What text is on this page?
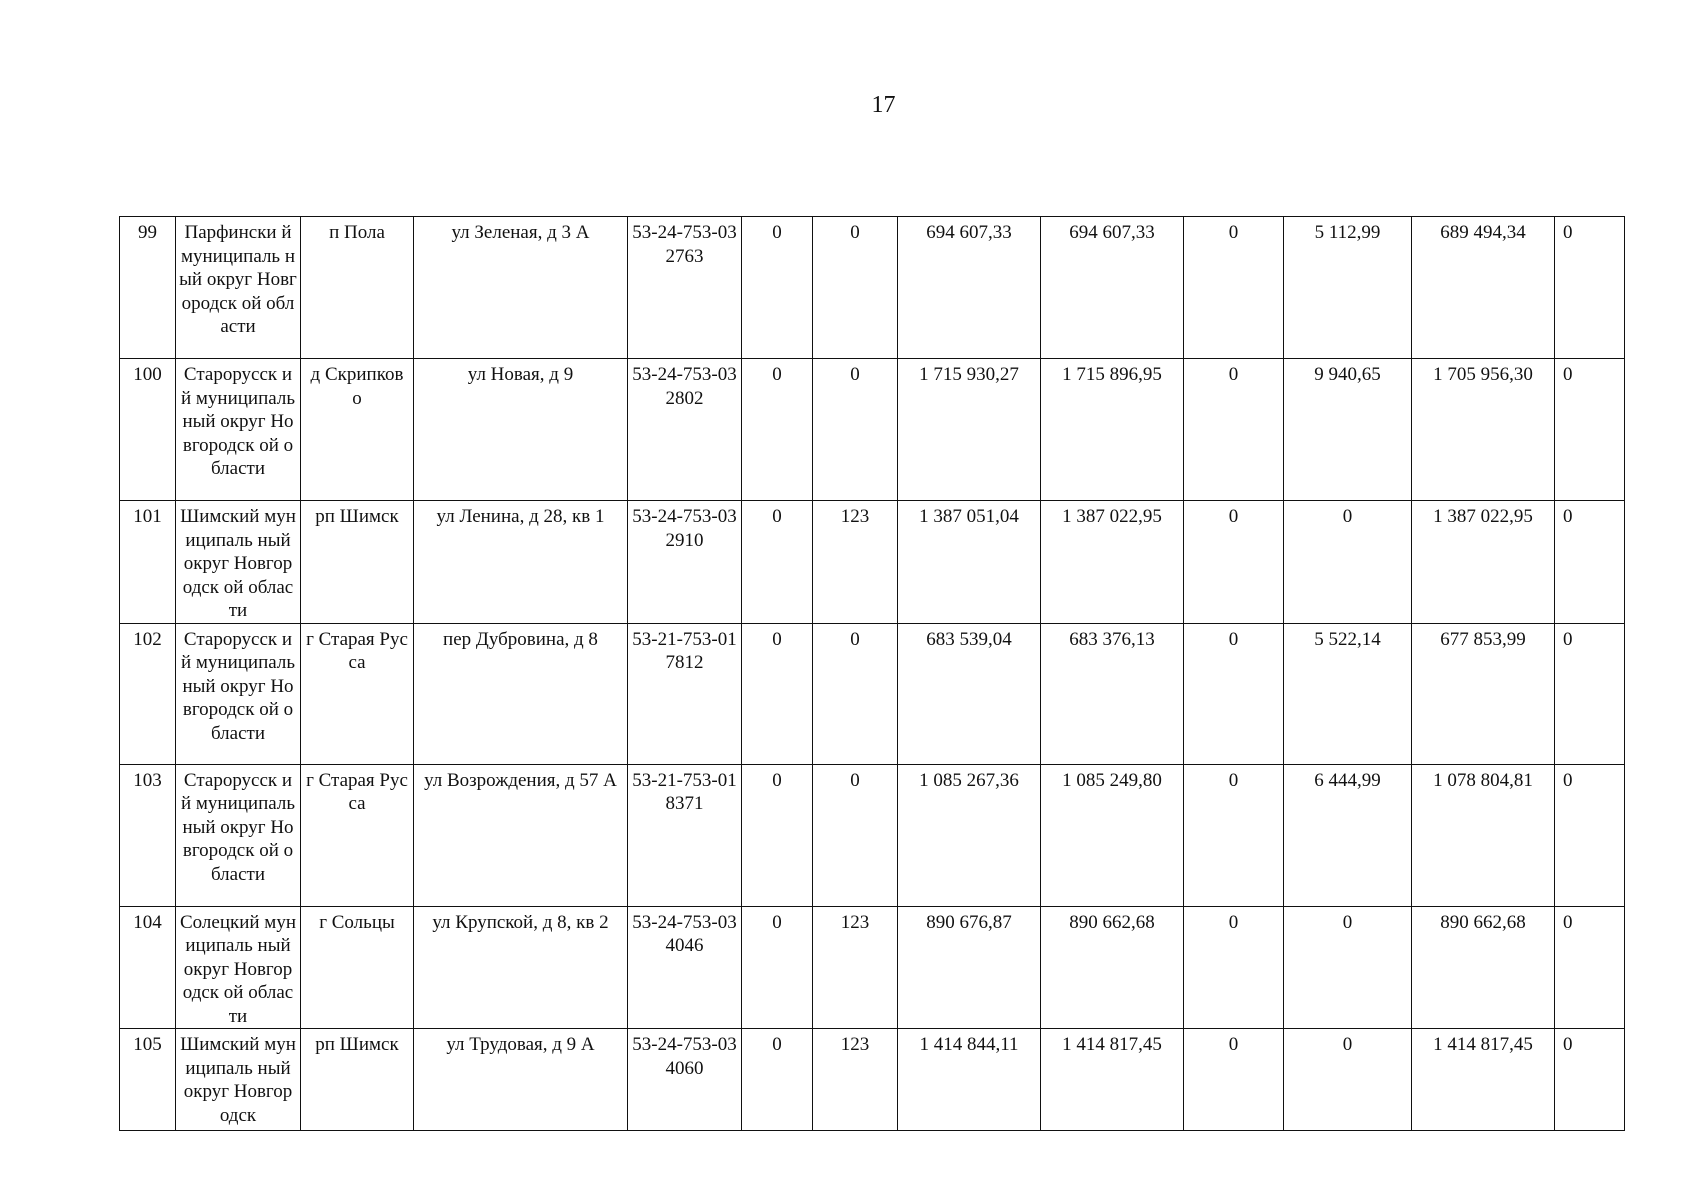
17
99	Парфински й муниципаль ный округ Новгородск ой области	п Пола	ул Зеленая, д 3 А	53-24-753-032763	0	0	694 607,33	694 607,33	0	5 112,99	689 494,34	0
100	Старорусск ий муниципаль ный округ Новгородск ой области	д Скрипков о	ул Новая, д 9	53-24-753-032802	0	0	1 715 930,27	1 715 896,95	0	9 940,65	1 705 956,30	0
101	Шимский муниципаль ный округ Новгородск ой области	рп Шимск	ул Ленина, д 28, кв 1	53-24-753-032910	0	123	1 387 051,04	1 387 022,95	0	0	1 387 022,95	0
102	Старорусск ий муниципаль ный округ Новгородск ой области	г Старая Русса	пер Дубровина, д 8	53-21-753-017812	0	0	683 539,04	683 376,13	0	5 522,14	677 853,99	0
103	Старорусск ий муниципаль ный округ Новгородск ой области	г Старая Русса	ул Возрождения, д 57 А	53-21-753-018371	0	0	1 085 267,36	1 085 249,80	0	6 444,99	1 078 804,81	0
104	Солецкий муниципаль ный округ Новгородск ой области	г Сольцы	ул Крупской, д 8, кв 2	53-24-753-034046	0	123	890 676,87	890 662,68	0	0	890 662,68	0
105	Шимский муниципаль ный округ Новгородск	рп Шимск	ул Трудовая, д 9 А	53-24-753-034060	0	123	1 414 844,11	1 414 817,45	0	0	1 414 817,45	0
